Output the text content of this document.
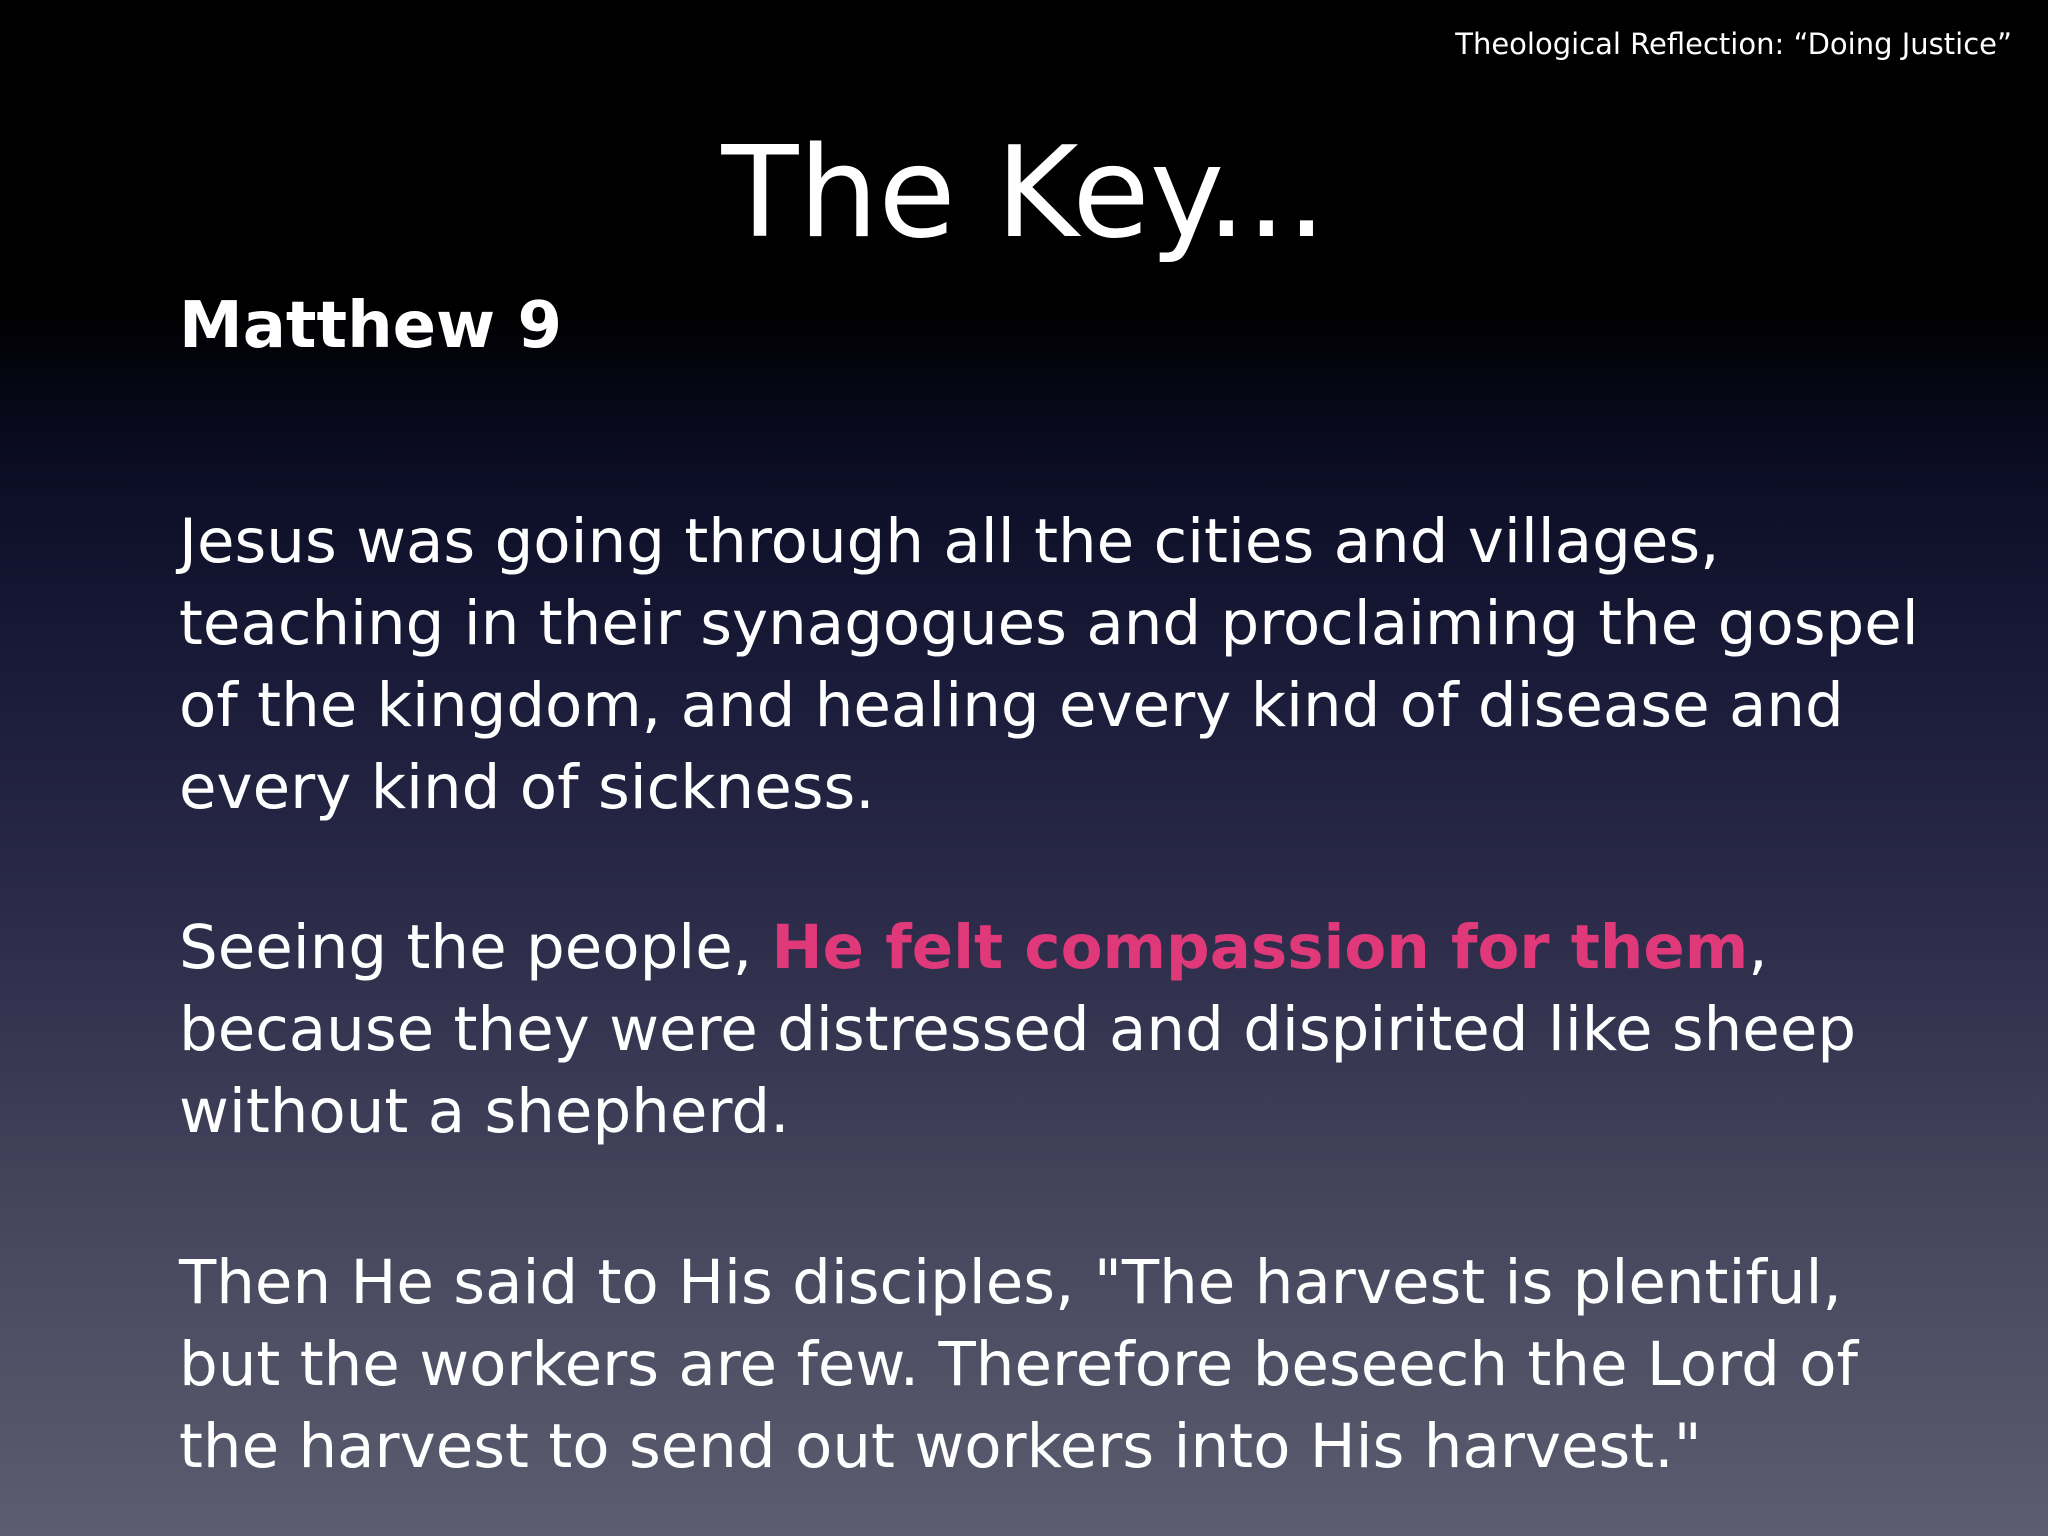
Theological Reflection: “Doing Justice”
The Key...
Matthew 9

Jesus was going through all the cities and villages, teaching in their synagogues and proclaiming the gospel of the kingdom, and healing every kind of disease and every kind of sickness.

Seeing the people, He felt compassion for them, because they were distressed and dispirited like sheep without a shepherd.

Then He said to His disciples, "The harvest is plentiful, but the workers are few. Therefore beseech the Lord of the harvest to send out workers into His harvest."
